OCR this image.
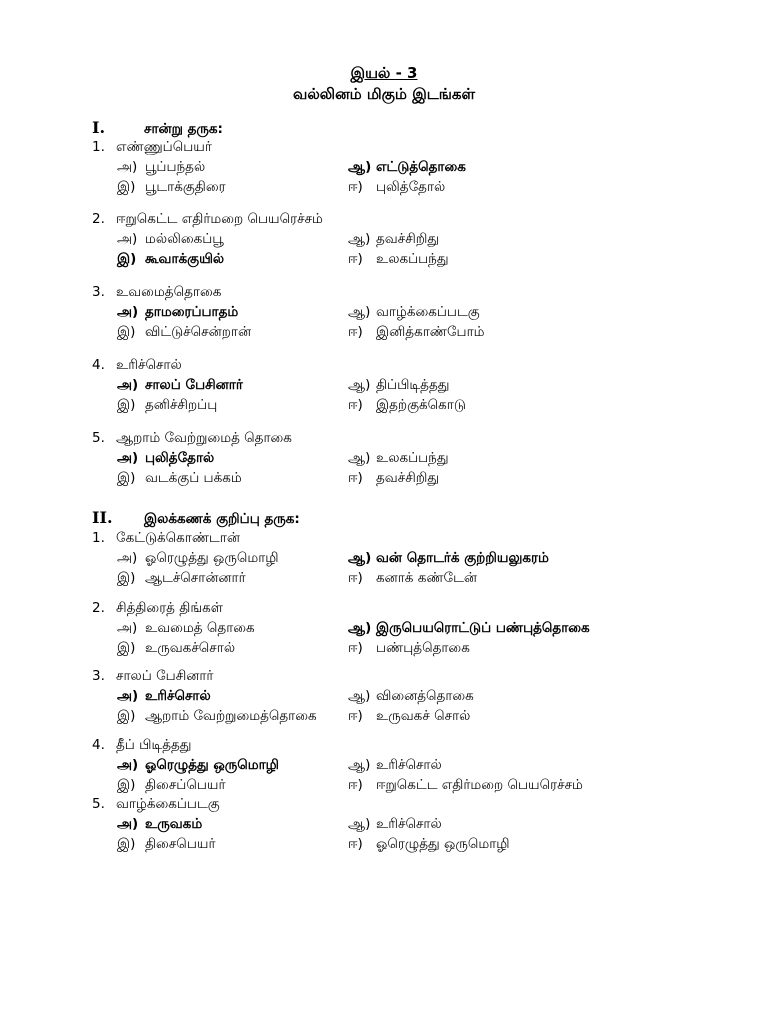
இயல் - 3
வல்லினம் மிகும் இடங்கள்
I.	சான்று தருக:
1. எண்ணுப்பெயர்
அ) பூப்பந்தல்	ஆ) எட்டுத்தொகை
இ) பூடாக்குதிரை	ஈ) புலித்தோல்
2. ஈறுகெட்ட எதிர்மறை பெயரெச்சம்
அ) மல்லிகைப்பூ	ஆ) தவச்சிறிது
இ) கூவாக்குயில்	ஈ) உலகப்பந்து
3. உவமைத்தொகை
அ) தாமரைப்பாதம்	ஆ) வாழ்க்கைப்படகு
இ) விட்டுச்சென்றான்	ஈ) இனித்காண்போம்
4. உரிச்சொல்
அ) சாலப் பேசினார்	ஆ) திப்பிடித்தது
இ) தனிச்சிறப்பு	ஈ) இதற்குக்கொடு
5. ஆறாம் வேற்றுமைத் தொகை
அ) புலித்தோல்	ஆ) உலகப்பந்து
இ) வடக்குப் பக்கம்	ஈ) தவச்சிறிது
II. இலக்கணக் குறிப்பு தருக:
1. கேட்டுக்கொண்டான்
அ) ஓரெழுத்து ஒருமொழி	ஆ) வன் தொடர்க் குற்றியலுகரம்
இ) ஆடச்சொன்னார்	ஈ) கனாக் கண்டேன்
2. சித்திரைத் திங்கள்
அ) உவமைத் தொகை	ஆ) இருபெயரொட்டுப் பண்புத்தொகை
இ) உருவகச்சொல்	ஈ) பண்புத்தொகை
3. சாலப் பேசினார்
அ) உரிச்சொல்	ஆ) வினைத்தொகை
இ) ஆறாம் வேற்றுமைத்தொகை ஈ) உருவகச் சொல்
4. தீப் பிடித்தது
அ) ஓரெழுத்து ஒருமொழி	ஆ) உரிச்சொல்
இ) திசைப்பெயர்	ஈ) ஈறுகெட்ட எதிர்மறை பெயரெச்சம்
5. வாழ்க்கைப்படகு
அ) உருவகம்	ஆ) உரிச்சொல்
இ) திசைபெயர்	ஈ) ஓரெழுத்து ஒருமொழி
